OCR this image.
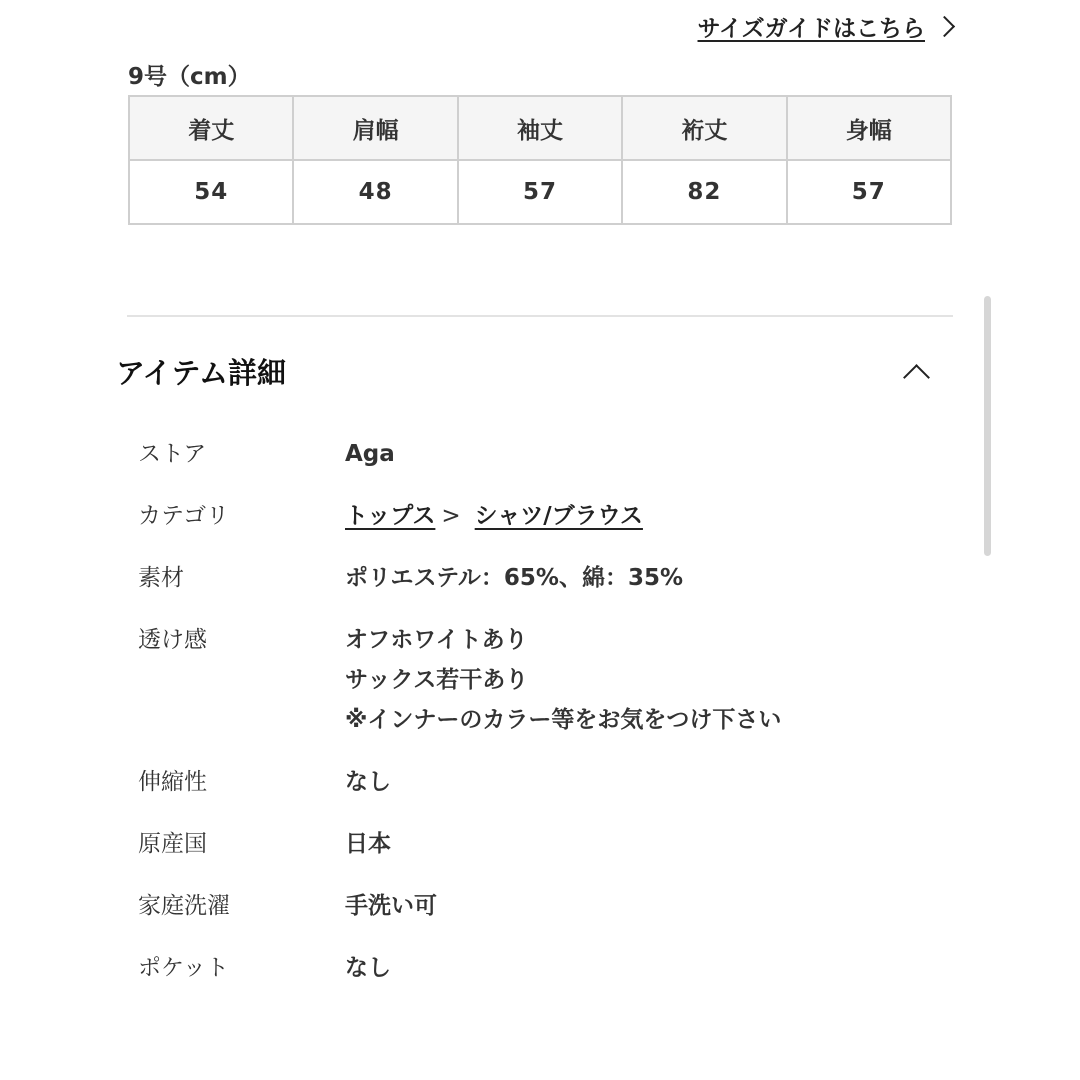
サイズガイドはこちら
9号（cm）
着丈	肩幅	袖丈	裄丈	身幅
54	48	57	82	57
アイテム詳細
ストア	Aga
カテゴリ	トップス > シャツ/ブラウス
素材	ポリエステル：65%、綿：35%
透け感	オフホワイトあり
サックス若干あり
※インナーのカラー等をお気をつけ下さい
伸縮性	なし
原産国	日本
家庭洗濯	手洗い可
ポケット	なし
